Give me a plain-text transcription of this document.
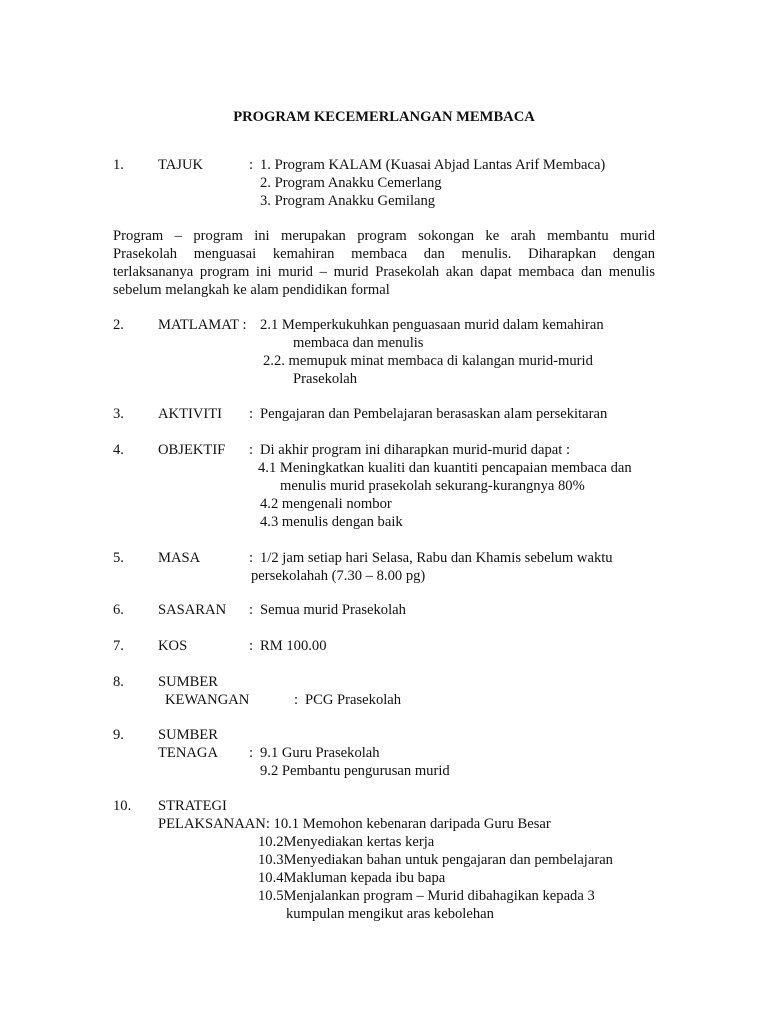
PROGRAM KECEMERLANGAN MEMBACA
1. TAJUK	: 1. Program KALAM (Kuasai Abjad Lantas Arif Membaca)
2. Program Anakku Cemerlang
3. Program Anakku Gemilang
Program – program ini merupakan program sokongan ke arah membantu murid
Prasekolah menguasai kemahiran membaca dan menulis. Diharapkan dengan
terlaksananya program ini murid – murid Prasekolah akan dapat membaca dan menulis
sebelum melangkah ke alam pendidikan formal
2. MATLAMAT : 2.1 Memperkukuhkan penguasaan murid dalam kemahiran
membaca dan menulis
2.2. memupuk minat membaca di kalangan murid-murid
Prasekolah
3. AKTIVITI : Pengajaran dan Pembelajaran berasaskan alam persekitaran
4. OBJEKTIF : Di akhir program ini diharapkan murid-murid dapat :
4.1 Meningkatkan kualiti dan kuantiti pencapaian membaca dan
menulis murid prasekolah sekurang-kurangnya 80%
4.2 mengenali nombor
4.3 menulis dengan baik
5. MASA	: 1/2 jam setiap hari Selasa, Rabu dan Khamis sebelum waktu
persekolahah (7.30 – 8.00 pg)
6. SASARAN : Semua murid Prasekolah
7. KOS	: RM 100.00
8. SUMBER
KEWANGAN	: PCG Prasekolah
9. SUMBER
TENAGA : 9.1 Guru Prasekolah
9.2 Pembantu pengurusan murid
10. STRATEGI
PELAKSANAAN: 10.1 Memohon kebenaran daripada Guru Besar
10.2Menyediakan kertas kerja
10.3Menyediakan bahan untuk pengajaran dan pembelajaran
10.4Makluman kepada ibu bapa
10.5Menjalankan program – Murid dibahagikan kepada 3
kumpulan mengikut aras kebolehan
